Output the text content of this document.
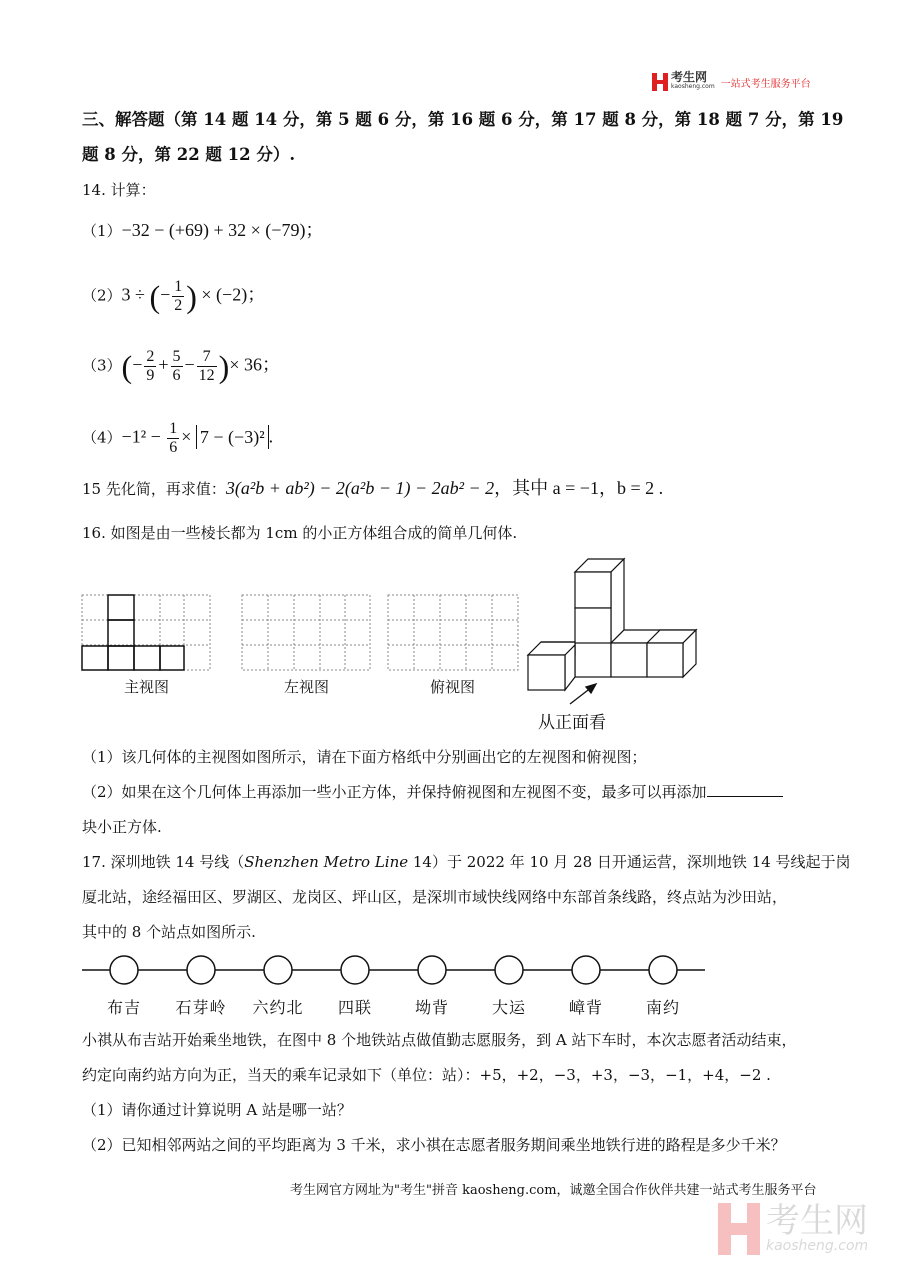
考生网
kaosheng.com 一站式考生服务平台
三、解答题（第 14 题 14 分，第 5 题 6 分，第 16 题 6 分，第 17 题 8 分，第 18 题 7 分，第 19
题 8 分，第 22 题 12 分）.
14. 计算：
（1）−32 − (+69) + 32 × (−79)；
（2）3 ÷ (− $\frac{1}{2}$ ) × (−2)；
$(3)(- \frac{2}{9} + \frac{5}{6} - \frac{7}{12}$ )× 36；
$(4)-1^2 - \frac{1}{6} \times 7 - (-3)^2$ .
15 先化简，再求值：3(a²b + ab²) − 2(a²b − 1) − 2ab² − 2，其中 a = −1，b = 2 .
16. 如图是由一些棱长都为 1cm 的小正方体组合成的简单几何体.
主视图	左视图	俯视图
从正面看
（1）该几何体的主视图如图所示，请在下面方格纸中分别画出它的左视图和俯视图；
（2）如果在这个几何体上再添加一些小正方体，并保持俯视图和左视图不变，最多可以再添加
块小正方体.
17. 深圳地铁 14 号线（Shenzhen Metro Line 14）于 2022 年 10 月 28 日开通运营，深圳地铁 14 号线起于岗
厦北站，途经福田区、罗湖区、龙岗区、坪山区，是深圳市域快线网络中东部首条线路，终点站为沙田站，
其中的 8 个站点如图所示.
布吉 石芽岭 六约北 四联	坳背	大运	嶂背	南约
小祺从布吉站开始乘坐地铁，在图中 8 个地铁站点做值勤志愿服务，到 A 站下车时，本次志愿者活动结束，
约定向南约站方向为正，当天的乘车记录如下（单位：站）：+5，+2，−3，+3，−3，−1，+4，−2 .
（1）请你通过计算说明 A 站是哪一站？
（2）已知相邻两站之间的平均距离为 3 千米，求小祺在志愿者服务期间乘坐地铁行进的路程是多少千米？
考生网官方网址为"考生"拼音 kaosheng.com，诚邀全国合作伙伴共建一站式考生服务平台
考生网
kaosheng.com
